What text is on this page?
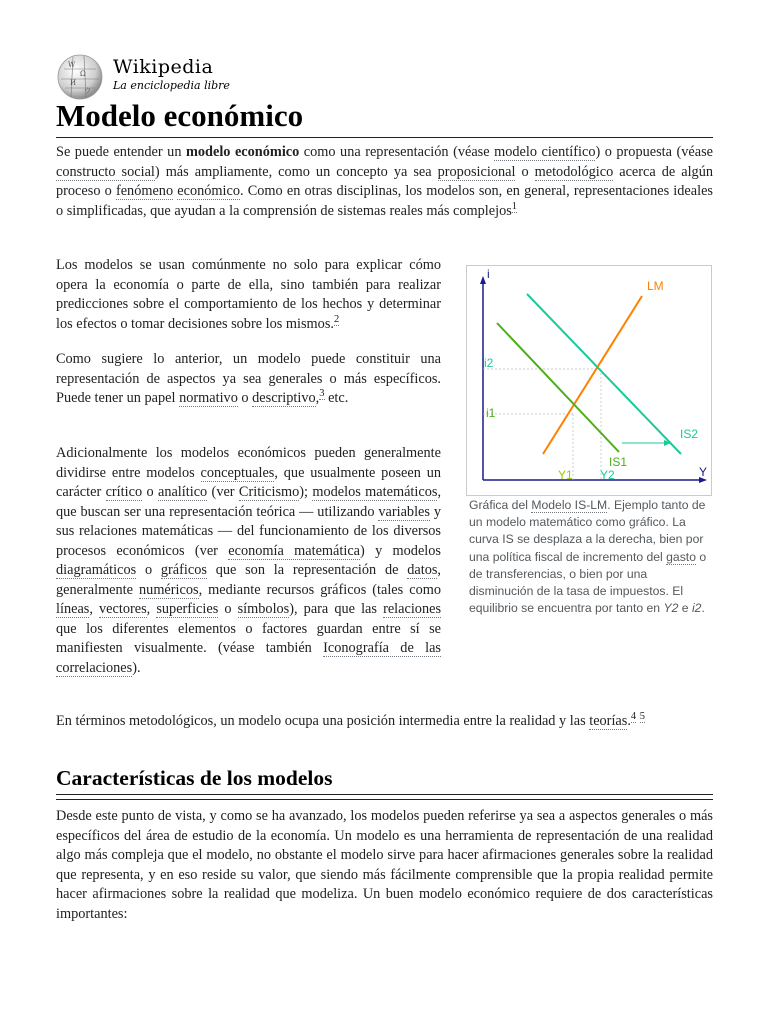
W
Ω
И
ウ
Wikipedia
La enciclopedia libre
Modelo económico

Se puede entender un modelo económico como una representación (véase modelo científico) o propuesta (véase constructo social) más ampliamente, como un concepto ya sea proposicional o metodológico acerca de algún proceso o fenómeno económico. Como en otras disciplinas, los modelos son, en general, representaciones ideales o simplificadas, que ayudan a la comprensión de sistemas reales más complejos$^1$

Los modelos se usan comúnmente no solo para explicar cómo opera la economía o parte de ella, sino también para realizar predicciones sobre el comportamiento de los hechos y determinar los efectos o tomar decisiones sobre los mismos.$^2$

Como sugiere lo anterior, un modelo puede constituir una representación de aspectos ya sea generales o más específicos. Puede tener un papel normativo o descriptivo,$^3$ etc.

Adicionalmente los modelos económicos pueden generalmente dividirse entre modelos conceptuales, que usualmente poseen un carácter crítico o analítico (ver Criticismo); modelos matemáticos, que buscan ser una representación teórica — utilizando variables y sus relaciones matemáticas — del funcionamiento de los diversos procesos económicos (ver economía matemática) y modelos diagramáticos o gráficos que son la representación de datos, generalmente numéricos, mediante recursos gráficos (tales como líneas, vectores, superficies o símbolos), para que las relaciones que los diferentes elementos o factores guardan entre sí se manifiesten visualmente. (véase también Iconografía de las correlaciones).

En términos metodológicos, un modelo ocupa una posición intermedia entre la realidad y las teorías.$^4$ $^5$

i
Y
LM
IS1
IS2
i1
i2
Y1 Y2

Gráfica del Modelo IS-LM. Ejemplo tanto de un modelo matemático como gráfico. La curva IS se desplaza a la derecha, bien por una política fiscal de incremento del gasto o de transferencias, o bien por una disminución de la tasa de impuestos. El equilibrio se encuentra por tanto en Y2 e i2.

Características de los modelos

Desde este punto de vista, y como se ha avanzado, los modelos pueden referirse ya sea a aspectos generales o más específicos del área de estudio de la economía. Un modelo es una herramienta de representación de una realidad algo más compleja que el modelo, no obstante el modelo sirve para hacer afirmaciones generales sobre la realidad que representa, y en eso reside su valor, que siendo más fácilmente comprensible que la propia realidad permite hacer afirmaciones sobre la realidad que modeliza. Un buen modelo económico requiere de dos características importantes:
